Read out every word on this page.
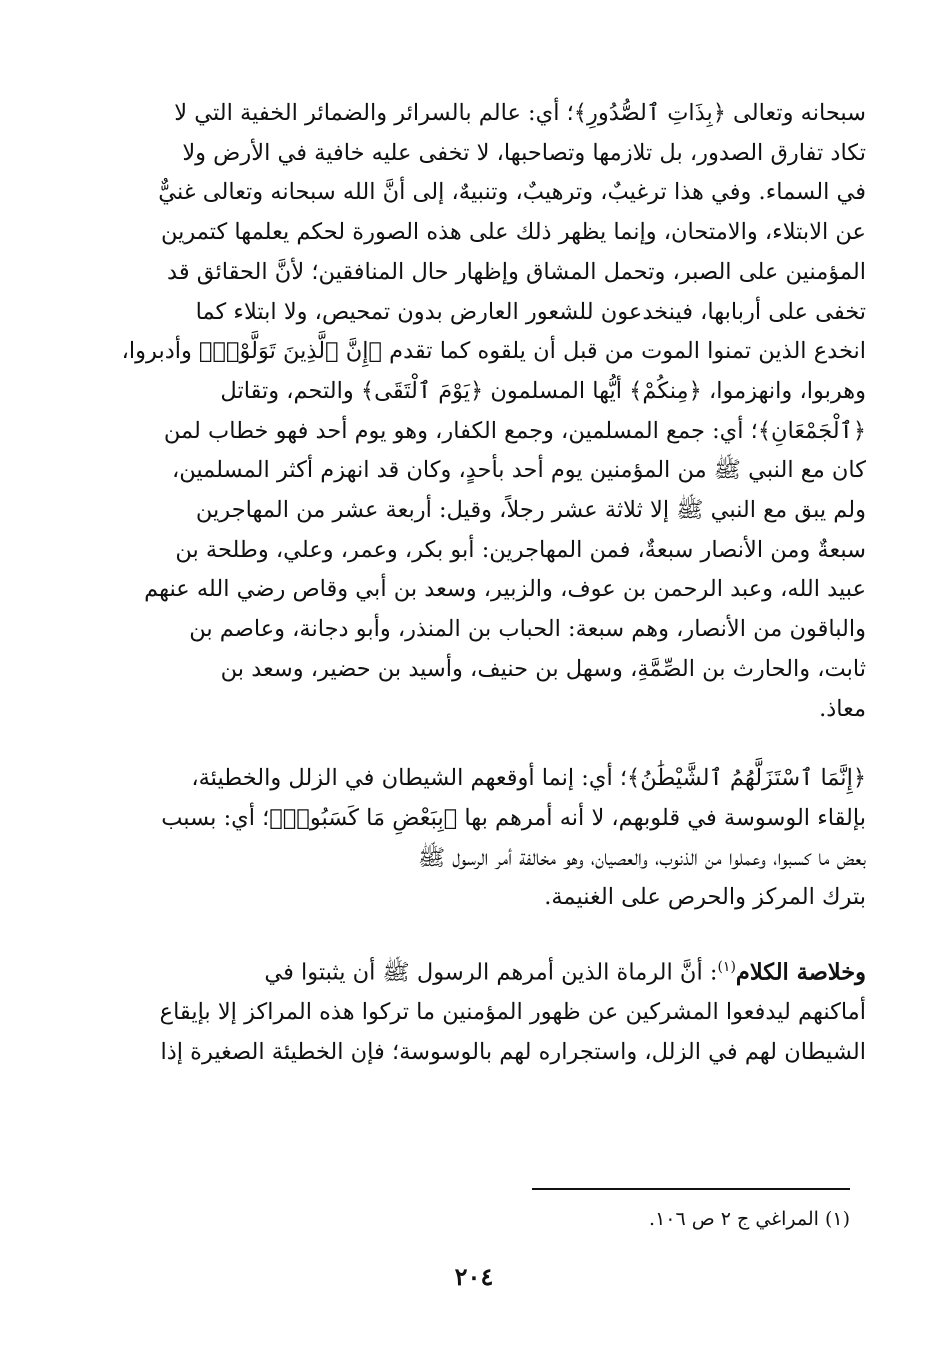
سبحانه وتعالى ﴿بِذَاتِ ٱلصُّدُورِ﴾؛ أي: عالم بالسرائر والضمائر الخفية التي لا
تكاد تفارق الصدور، بل تلازمها وتصاحبها، لا تخفى عليه خافية في الأرض ولا
في السماء. وفي هذا ترغيبٌ، وترهيبٌ، وتنبيهٌ، إلى أنَّ الله سبحانه وتعالى غنيٌّ
عن الابتلاء، والامتحان، وإنما يظهر ذلك على هذه الصورة لحكم يعلمها كتمرين
المؤمنين على الصبر، وتحمل المشاق وإظهار حال المنافقين؛ لأنَّ الحقائق قد
تخفى على أربابها، فينخدعون للشعور العارض بدون تمحيص، ولا ابتلاء كما
انخدع الذين تمنوا الموت من قبل أن يلقوه كما تقدم ﴿إِنَّ ٱلَّذِينَ تَوَلَّوْا۟﴾ وأدبروا،
وهربوا، وانهزموا، ﴿مِنكُمْ﴾ أيُّها المسلمون ﴿يَوْمَ ٱلْتَقَى﴾ والتحم، وتقاتل
﴿ٱلْجَمْعَانِ﴾؛ أي: جمع المسلمين، وجمع الكفار، وهو يوم أحد فهو خطاب لمن
كان مع النبي ﷺ من المؤمنين يوم أحد بأحدٍ، وكان قد انهزم أكثر المسلمين،
ولم يبق مع النبي ﷺ إلا ثلاثة عشر رجلاً، وقيل: أربعة عشر من المهاجرين
سبعةٌ ومن الأنصار سبعةٌ، فمن المهاجرين: أبو بكر، وعمر، وعلي، وطلحة بن
عبيد الله، وعبد الرحمن بن عوف، والزبير، وسعد بن أبي وقاص رضي الله عنهم
والباقون من الأنصار، وهم سبعة: الحباب بن المنذر، وأبو دجانة، وعاصم بن
ثابت، والحارث بن الصِّمَّةِ، وسهل بن حنيف، وأسيد بن حضير، وسعد بن
معاذ.

﴿إِنَّمَا ٱسْتَزَلَّهُمُ ٱلشَّيْطَٰنُ﴾؛ أي: إنما أوقعهم الشيطان في الزلل والخطيئة،
بإلقاء الوسوسة في قلوبهم، لا أنه أمرهم بها ﴿بِبَعْضِ مَا كَسَبُوا۟﴾؛ أي: بسبب
بعض ما كسبوا، وعملوا من الذنوب، والعصيان، وهو مخالفة أمر الرسول ﷺ
بترك المركز والحرص على الغنيمة.

وخلاصة الكلام$^{(١)}$: أنَّ الرماة الذين أمرهم الرسول ﷺ أن يثبتوا في
أماكنهم ليدفعوا المشركين عن ظهور المؤمنين ما تركوا هذه المراكز إلا بإيقاع
الشيطان لهم في الزلل، واستجراره لهم بالوسوسة؛ فإن الخطيئة الصغيرة إذا

(١) المراغي ج ٢ ص ١٠٦.
٢٠٤
